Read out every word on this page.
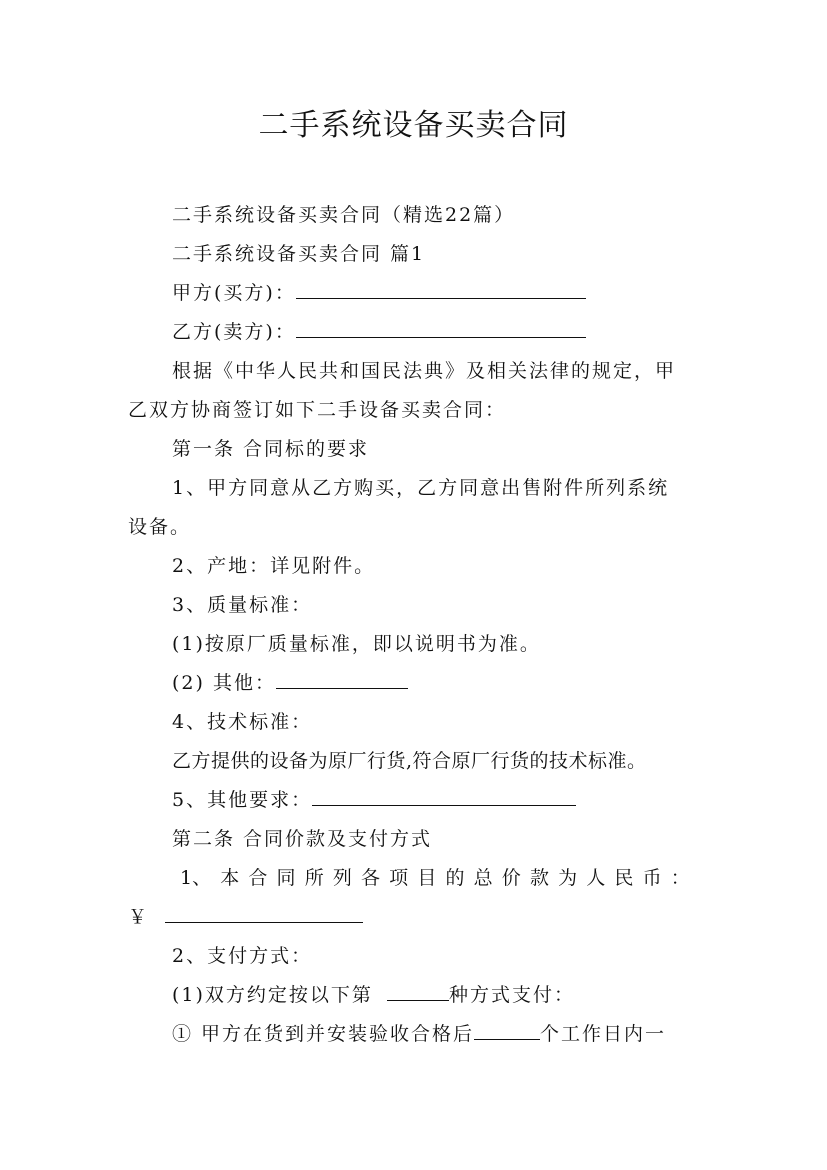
二手系统设备买卖合同
二手系统设备买卖合同（精选22篇）
二手系统设备买卖合同 篇1
甲方(买方)：
乙方(卖方)：
根据《中华人民共和国民法典》及相关法律的规定，甲
乙双方协商签订如下二手设备买卖合同：
第一条 合同标的要求
1、甲方同意从乙方购买，乙方同意出售附件所列系统
设备。
2、产地：详见附件。
3、质量标准：
(1)按原厂质量标准，即以说明书为准。
(2) 其他：
4、技术标准：
乙方提供的设备为原厂行货,符合原厂行货的技术标准。
5、其他要求：
第二条 合同价款及支付方式
1、 本 合 同 所 列 各 项 目 的 总 价 款 为 人 民 币 ：
￥
2、支付方式：
(1)双方约定按以下第	种方式支付：
① 甲方在货到并安装验收合格后	个工作日内一
